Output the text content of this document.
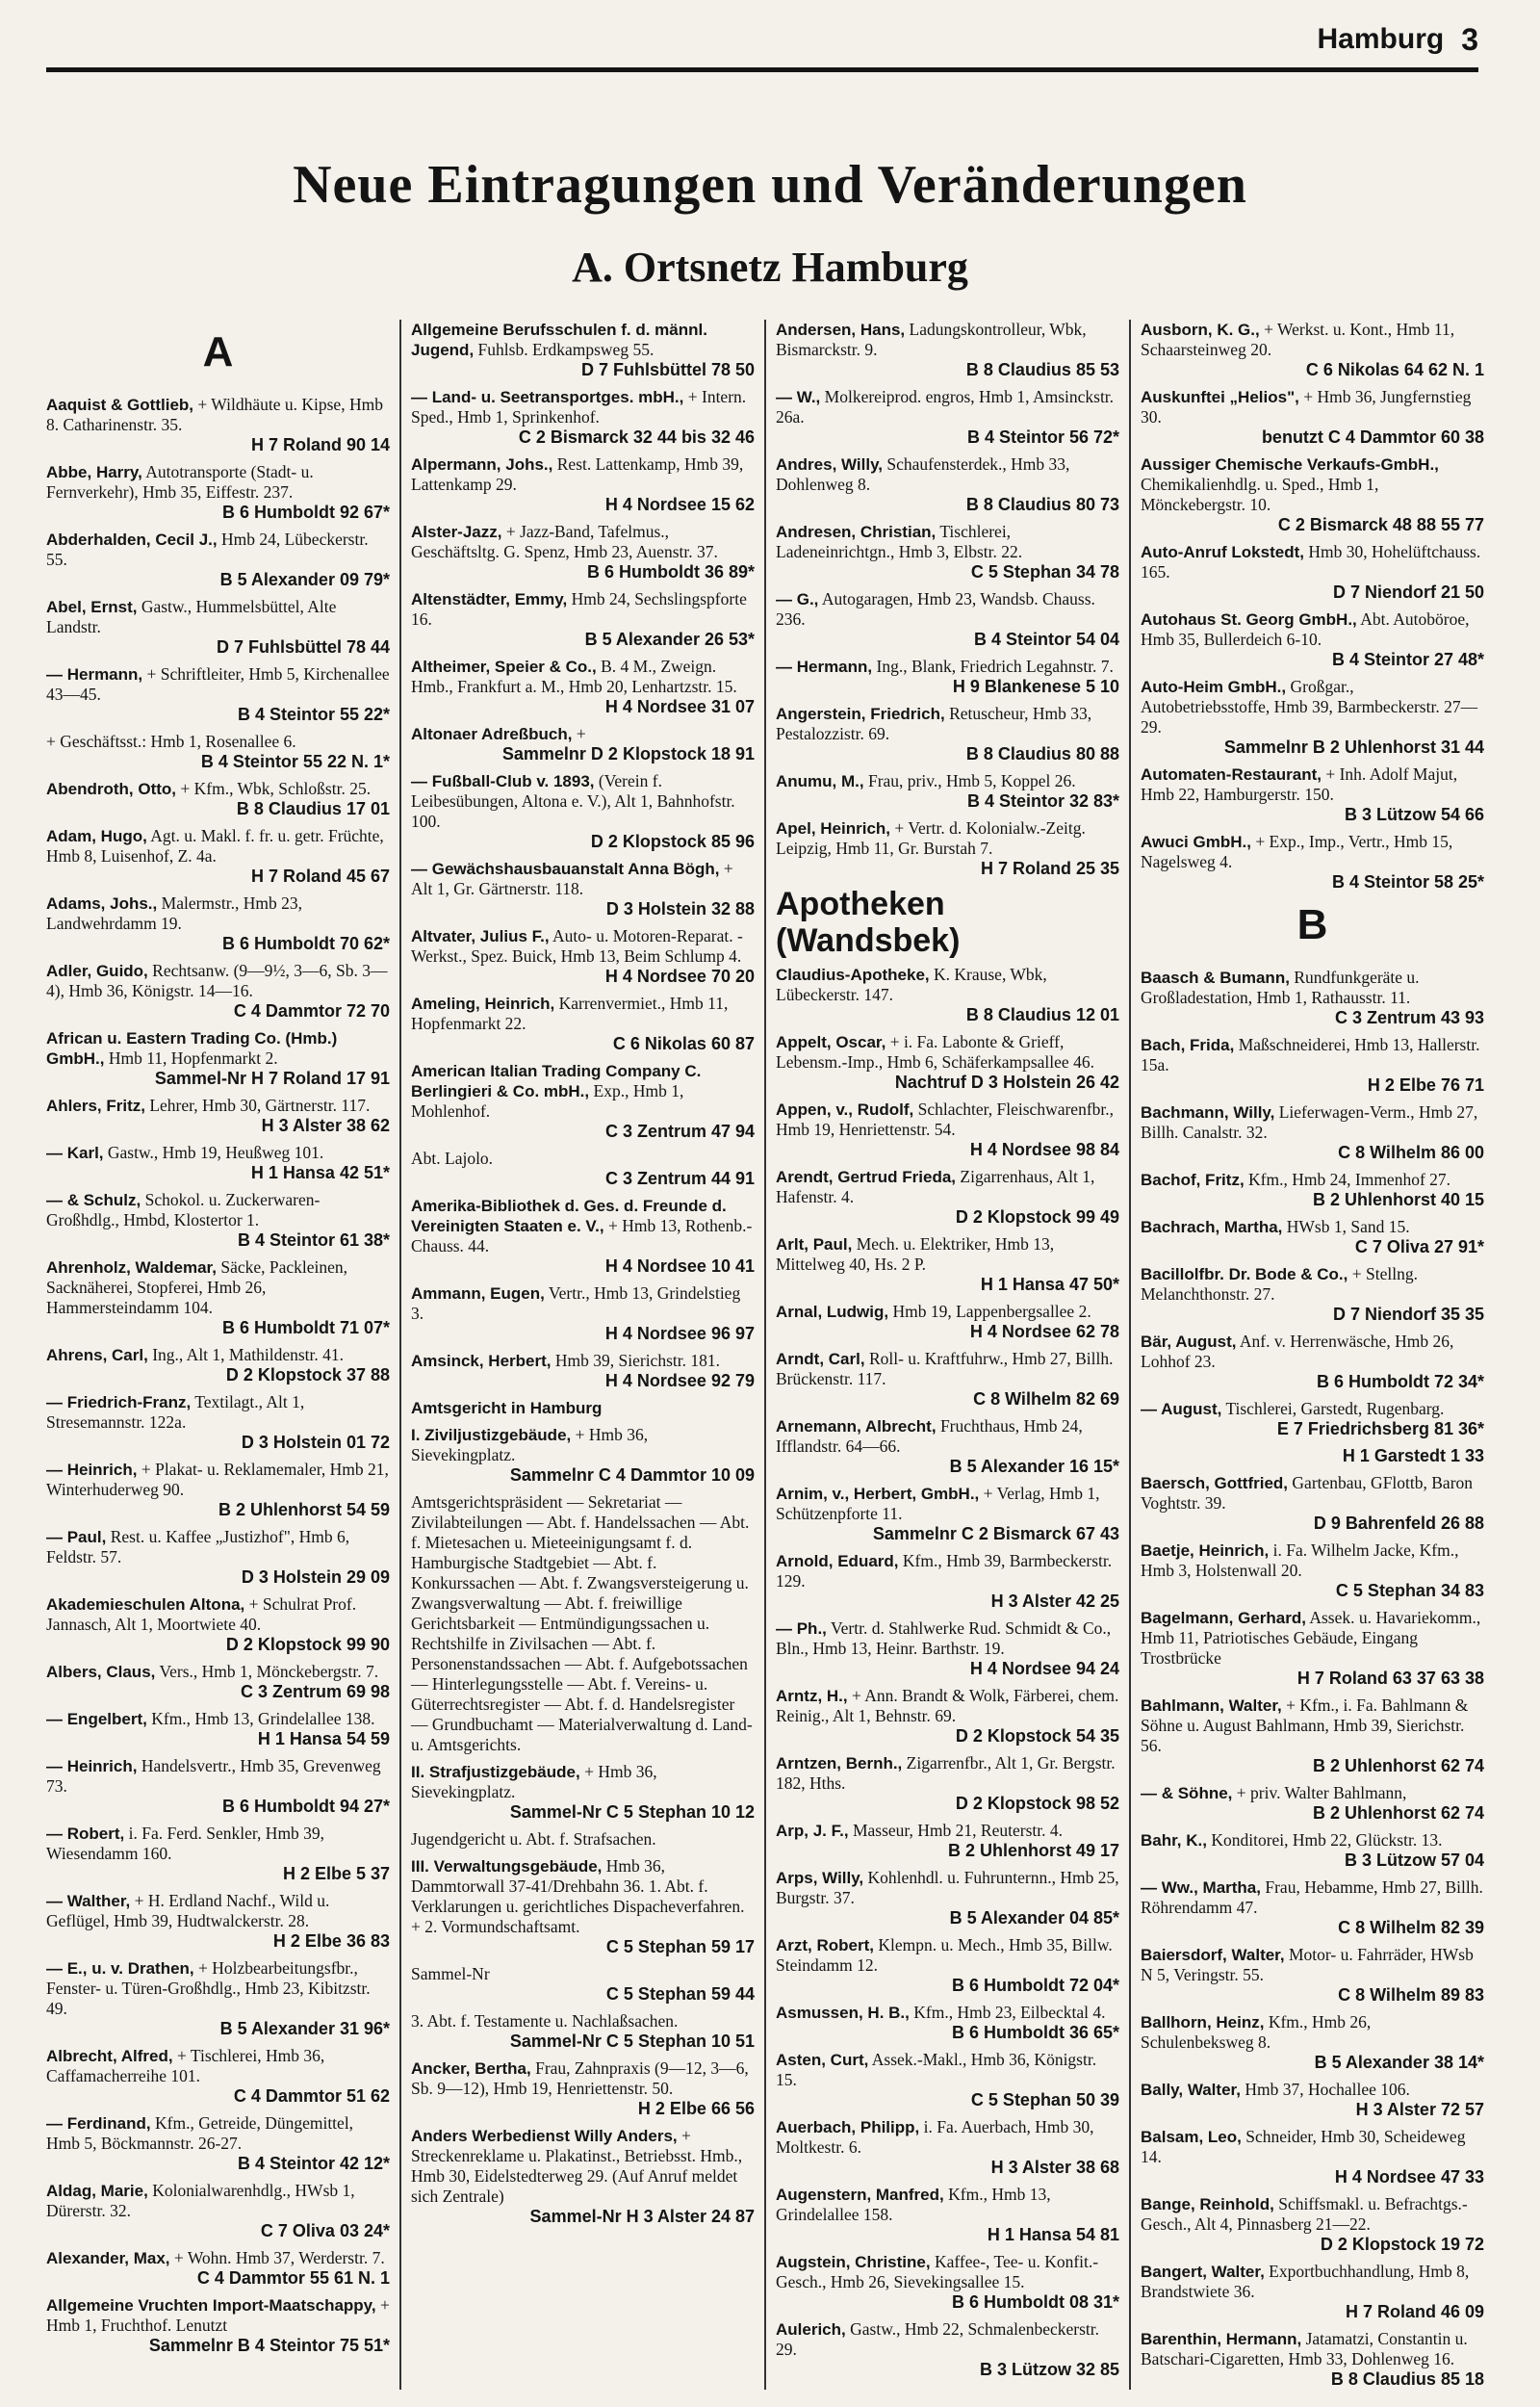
Hamburg 3
Neue Eintragungen und Veränderungen
A. Ortsnetz Hamburg
A
Aaquist & Gottlieb, + Wildhäute u. Kipse, Hmb 8. Catharinenstr. 35.
H 7 Roland 90 14
Abbe, Harry, Autotransporte (Stadt- u. Fernverkehr), Hmb 35, Eiffestr. 237.
B 6 Humboldt 92 67*
Abderhalden, Cecil J., Hmb 24, Lübeckerstr. 55.
B 5 Alexander 09 79*
Abel, Ernst, Gastw., Hummelsbüttel, Alte Landstr.
D 7 Fuhlsbüttel 78 44
— Hermann, + Schriftleiter, Hmb 5, Kirchenallee 43—45.
B 4 Steintor 55 22*
+ Geschäftsst.: Hmb 1, Rosenallee 6.
B 4 Steintor 55 22 N. 1*
Abendroth, Otto, + Kfm., Wbk, Schloßstr. 25.
B 8 Claudius 17 01
Adam, Hugo, Agt. u. Makl. f. fr. u. getr. Früchte, Hmb 8, Luisenhof, Z. 4a.
H 7 Roland 45 67
Adams, Johs., Malermstr., Hmb 23, Landwehrdamm 19.
B 6 Humboldt 70 62*
Adler, Guido, Rechtsanw. (9—9½, 3—6, Sb. 3—4), Hmb 36, Königstr. 14—16.
C 4 Dammtor 72 70
African u. Eastern Trading Co. (Hmb.) GmbH., Hmb 11, Hopfenmarkt 2.
Sammel-Nr H 7 Roland 17 91
Ahlers, Fritz, Lehrer, Hmb 30, Gärtnerstr. 117.
H 3 Alster 38 62
— Karl, Gastw., Hmb 19, Heußweg 101.
H 1 Hansa 42 51*
— & Schulz, Schokol. u. Zuckerwaren-Großhdlg., Hmbd, Klostertor 1.
B 4 Steintor 61 38*
Ahrenholz, Waldemar, Säcke, Packleinen, Sacknäherei, Stopferei, Hmb 26, Hammersteindamm 104.
B 6 Humboldt 71 07*
Ahrens, Carl, Ing., Alt 1, Mathildenstr. 41.
D 2 Klopstock 37 88
— Friedrich-Franz, Textilagt., Alt 1, Stresemannstr. 122a.
D 3 Holstein 01 72
— Heinrich, + Plakat- u. Reklamemaler, Hmb 21, Winterhuderweg 90.
B 2 Uhlenhorst 54 59
— Paul, Rest. u. Kaffee „Justizhof", Hmb 6, Feldstr. 57.
D 3 Holstein 29 09
Akademieschulen Altona, + Schulrat Prof. Jannasch, Alt 1, Moortwiete 40.
D 2 Klopstock 99 90
Albers, Claus, Vers., Hmb 1, Mönckebergstr. 7.
C 3 Zentrum 69 98
— Engelbert, Kfm., Hmb 13, Grindelallee 138.
H 1 Hansa 54 59
— Heinrich, Handelsvertr., Hmb 35, Grevenweg 73.
B 6 Humboldt 94 27*
— Robert, i. Fa. Ferd. Senkler, Hmb 39, Wiesendamm 160.
H 2 Elbe 5 37
— Walther, + H. Erdland Nachf., Wild u. Geflügel, Hmb 39, Hudtwalckerstr. 28.
H 2 Elbe 36 83
— E., u. v. Drathen, + Holzbearbeitungsfbr., Fenster- u. Türen-Großhdlg., Hmb 23, Kibitzstr. 49.
B 5 Alexander 31 96*
Albrecht, Alfred, + Tischlerei, Hmb 36, Caffamacherreihe 101.
C 4 Dammtor 51 62
— Ferdinand, Kfm., Getreide, Düngemittel, Hmb 5, Böckmannstr. 26-27.
B 4 Steintor 42 12*
Aldag, Marie, Kolonialwarenhdlg., HWsb 1, Dürerstr. 32.
C 7 Oliva 03 24*
Alexander, Max, + Wohn. Hmb 37, Werderstr. 7.
C 4 Dammtor 55 61 N. 1
Allgemeine Vruchten Import-Maatschappy, + Hmb 1, Fruchthof. Lenutzt
Sammelnr B 4 Steintor 75 51*
Allgemeine Berufsschulen f. d. männl. Jugend, Fuhlsb. Erdkampsweg 55.
D 7 Fuhlsbüttel 78 50
— Land- u. Seetransportges. mbH., + Intern. Sped., Hmb 1, Sprinkenhof.
C 2 Bismarck 32 44 bis 32 46
Alpermann, Johs., Rest. Lattenkamp, Hmb 39, Lattenkamp 29.
H 4 Nordsee 15 62
Alster-Jazz, + Jazz-Band, Tafelmus., Geschäftsltg. G. Spenz, Hmb 23, Auenstr. 37.
B 6 Humboldt 36 89*
Altenstädter, Emmy, Hmb 24, Sechslingspforte 16.
B 5 Alexander 26 53*
Altheimer, Speier & Co., B. 4 M., Zweign. Hmb., Frankfurt a. M., Hmb 20, Lenhartzstr. 15.
H 4 Nordsee 31 07
Altonaer Adreßbuch, +
Sammelnr D 2 Klopstock 18 91
— Fußball-Club v. 1893, (Verein f. Leibesübungen, Altona e. V.), Alt 1, Bahnhofstr. 100.
D 2 Klopstock 85 96
— Gewächshausbauanstalt Anna Bögh, + Alt 1, Gr. Gärtnerstr. 118.
D 3 Holstein 32 88
Altvater, Julius F., Auto- u. Motoren-Reparat. - Werkst., Spez. Buick, Hmb 13, Beim Schlump 4.
H 4 Nordsee 70 20
Ameling, Heinrich, Karrenvermiet., Hmb 11, Hopfenmarkt 22.
C 6 Nikolas 60 87
American Italian Trading Company C. Berlingieri & Co. mbH., Exp., Hmb 1, Mohlenhof.
C 3 Zentrum 47 94
Abt. Lajolo.
C 3 Zentrum 44 91
Amerika-Bibliothek d. Ges. d. Freunde d. Vereinigten Staaten e. V., + Hmb 13, Rothenb.-Chauss. 44.
H 4 Nordsee 10 41
Ammann, Eugen, Vertr., Hmb 13, Grindelstieg 3.
H 4 Nordsee 96 97
Amsinck, Herbert, Hmb 39, Sierichstr. 181.
H 4 Nordsee 92 79
Amtsgericht in Hamburg
I. Ziviljustizgebäude, + Hmb 36, Sievekingplatz.
Sammelnr C 4 Dammtor 10 09
Amtsgerichtspräsident — Sekretariat — Zivilabteilungen — Abt. f. Handelssachen — Abt. f. Mietesachen u. Mieteeinigungsamt f. d. Hamburgische Stadtgebiet — Abt. f. Konkurssachen — Abt. f. Zwangsversteigerung u. Zwangsverwaltung — Abt. f. freiwillige Gerichtsbarkeit — Entmündigungssachen u. Rechtshilfe in Zivilsachen — Abt. f. Personenstandssachen — Abt. f. Aufgebotssachen — Hinterlegungsstelle — Abt. f. Vereins- u. Güterrechtsregister — Abt. f. d. Handelsregister — Grundbuchamt — Materialverwaltung d. Land- u. Amtsgerichts.
II. Strafjustizgebäude, + Hmb 36, Sievekingplatz.
Sammel-Nr C 5 Stephan 10 12
Jugendgericht u. Abt. f. Strafsachen.
III. Verwaltungsgebäude, Hmb 36, Dammtorwall 37-41/Drehbahn 36. 1. Abt. f. Verklarungen u. gerichtliches Dispacheverfahren. + 2. Vormundschaftsamt.
C 5 Stephan 59 17
Sammel-Nr
C 5 Stephan 59 44
3. Abt. f. Testamente u. Nachlaßsachen.
Sammel-Nr C 5 Stephan 10 51
Ancker, Bertha, Frau, Zahnpraxis (9—12, 3—6, Sb. 9—12), Hmb 19, Henriettenstr. 50.
H 2 Elbe 66 56
Anders Werbedienst Willy Anders, + Streckenreklame u. Plakatinst., Betriebsst. Hmb., Hmb 30, Eidelstedterweg 29. (Auf Anruf meldet sich Zentrale)
Sammel-Nr H 3 Alster 24 87
Andersen, Hans, Ladungskontrolleur, Wbk, Bismarckstr. 9.
B 8 Claudius 85 53
— W., Molkereiprod. engros, Hmb 1, Amsinckstr. 26a.
B 4 Steintor 56 72*
Andres, Willy, Schaufensterdek., Hmb 33, Dohlenweg 8.
B 8 Claudius 80 73
Andresen, Christian, Tischlerei, Ladeneinrichtgn., Hmb 3, Elbstr. 22.
C 5 Stephan 34 78
— G., Autogaragen, Hmb 23, Wandsb. Chauss. 236.
B 4 Steintor 54 04
— Hermann, Ing., Blank, Friedrich Legahnstr. 7.
H 9 Blankenese 5 10
Angerstein, Friedrich, Retuscheur, Hmb 33, Pestalozzistr. 69.
B 8 Claudius 80 88
Anumu, M., Frau, priv., Hmb 5, Koppel 26.
B 4 Steintor 32 83*
Apel, Heinrich, + Vertr. d. Kolonialw.-Zeitg. Leipzig, Hmb 11, Gr. Burstah 7.
H 7 Roland 25 35
Apotheken (Wandsbek)
Claudius-Apotheke, K. Krause, Wbk, Lübeckerstr. 147.
B 8 Claudius 12 01
Appelt, Oscar, + i. Fa. Labonte & Grieff, Lebensm.-Imp., Hmb 6, Schäferkampsallee 46.
Nachtruf D 3 Holstein 26 42
Appen, v., Rudolf, Schlachter, Fleischwarenfbr., Hmb 19, Henriettenstr. 54.
H 4 Nordsee 98 84
Arendt, Gertrud Frieda, Zigarrenhaus, Alt 1, Hafenstr. 4.
D 2 Klopstock 99 49
Arlt, Paul, Mech. u. Elektriker, Hmb 13, Mittelweg 40, Hs. 2 P.
H 1 Hansa 47 50*
Arnal, Ludwig, Hmb 19, Lappenbergsallee 2.
H 4 Nordsee 62 78
Arndt, Carl, Roll- u. Kraftfuhrw., Hmb 27, Billh. Brückenstr. 117.
C 8 Wilhelm 82 69
Arnemann, Albrecht, Fruchthaus, Hmb 24, Ifflandstr. 64—66.
B 5 Alexander 16 15*
Arnim, v., Herbert, GmbH., + Verlag, Hmb 1, Schützenpforte 11.
Sammelnr C 2 Bismarck 67 43
Arnold, Eduard, Kfm., Hmb 39, Barmbeckerstr. 129.
H 3 Alster 42 25
— Ph., Vertr. d. Stahlwerke Rud. Schmidt & Co., Bln., Hmb 13, Heinr. Barthstr. 19.
H 4 Nordsee 94 24
Arntz, H., + Ann. Brandt & Wolk, Färberei, chem. Reinig., Alt 1, Behnstr. 69.
D 2 Klopstock 54 35
Arntzen, Bernh., Zigarrenfbr., Alt 1, Gr. Bergstr. 182, Hths.
D 2 Klopstock 98 52
Arp, J. F., Masseur, Hmb 21, Reuterstr. 4.
B 2 Uhlenhorst 49 17
Arps, Willy, Kohlenhdl. u. Fuhrunternn., Hmb 25, Burgstr. 37.
B 5 Alexander 04 85*
Arzt, Robert, Klempn. u. Mech., Hmb 35, Billw. Steindamm 12.
B 6 Humboldt 72 04*
Asmussen, H. B., Kfm., Hmb 23, Eilbecktal 4.
B 6 Humboldt 36 65*
Asten, Curt, Assek.-Makl., Hmb 36, Königstr. 15.
C 5 Stephan 50 39
Auerbach, Philipp, i. Fa. Auerbach, Hmb 30, Moltkestr. 6.
H 3 Alster 38 68
Augenstern, Manfred, Kfm., Hmb 13, Grindelallee 158.
H 1 Hansa 54 81
Augstein, Christine, Kaffee-, Tee- u. Konfit.-Gesch., Hmb 26, Sievekingsallee 15.
B 6 Humboldt 08 31*
Aulerich, Gastw., Hmb 22, Schmalenbeckerstr. 29.
B 3 Lützow 32 85
Ausborn, K. G., + Werkst. u. Kont., Hmb 11, Schaarsteinweg 20.
C 6 Nikolas 64 62 N. 1
Auskunftei „Helios", + Hmb 36, Jungfernstieg 30.
benutzt C 4 Dammtor 60 38
Aussiger Chemische Verkaufs-GmbH., Chemikalienhdlg. u. Sped., Hmb 1, Mönckebergstr. 10.
C 2 Bismarck 48 88 55 77
Auto-Anruf Lokstedt, Hmb 30, Hohelüftchauss. 165.
D 7 Niendorf 21 50
Autohaus St. Georg GmbH., Abt. Autoböroe, Hmb 35, Bullerdeich 6-10.
B 4 Steintor 27 48*
Auto-Heim GmbH., Großgar., Autobetriebsstoffe, Hmb 39, Barmbeckerstr. 27—29.
Sammelnr B 2 Uhlenhorst 31 44
Automaten-Restaurant, + Inh. Adolf Majut, Hmb 22, Hamburgerstr. 150.
B 3 Lützow 54 66
Awuci GmbH., + Exp., Imp., Vertr., Hmb 15, Nagelsweg 4.
B 4 Steintor 58 25*
B
Baasch & Bumann, Rundfunkgeräte u. Großladestation, Hmb 1, Rathausstr. 11.
C 3 Zentrum 43 93
Bach, Frida, Maßschneiderei, Hmb 13, Hallerstr. 15a.
H 2 Elbe 76 71
Bachmann, Willy, Lieferwagen-Verm., Hmb 27, Billh. Canalstr. 32.
C 8 Wilhelm 86 00
Bachof, Fritz, Kfm., Hmb 24, Immenhof 27.
B 2 Uhlenhorst 40 15
Bachrach, Martha, HWsb 1, Sand 15.
C 7 Oliva 27 91*
Bacillolfbr. Dr. Bode & Co., + Stellng. Melanchthonstr. 27.
D 7 Niendorf 35 35
Bär, August, Anf. v. Herrenwäsche, Hmb 26, Lohhof 23.
B 6 Humboldt 72 34*
— August, Tischlerei, Garstedt, Rugenbarg.
E 7 Friedrichsberg 81 36*
H 1 Garstedt 1 33
Baersch, Gottfried, Gartenbau, GFlottb, Baron Voghtstr. 39.
D 9 Bahrenfeld 26 88
Baetje, Heinrich, i. Fa. Wilhelm Jacke, Kfm., Hmb 3, Holstenwall 20.
C 5 Stephan 34 83
Bagelmann, Gerhard, Assek. u. Havariekomm., Hmb 11, Patriotisches Gebäude, Eingang Trostbrücke
H 7 Roland 63 37 63 38
Bahlmann, Walter, + Kfm., i. Fa. Bahlmann & Söhne u. August Bahlmann, Hmb 39, Sierichstr. 56.
B 2 Uhlenhorst 62 74
— & Söhne, + priv. Walter Bahlmann,
B 2 Uhlenhorst 62 74
Bahr, K., Konditorei, Hmb 22, Glückstr. 13.
B 3 Lützow 57 04
— Ww., Martha, Frau, Hebamme, Hmb 27, Billh. Röhrendamm 47.
C 8 Wilhelm 82 39
Baiersdorf, Walter, Motor- u. Fahrräder, HWsb N 5, Veringstr. 55.
C 8 Wilhelm 89 83
Ballhorn, Heinz, Kfm., Hmb 26, Schulenbeksweg 8.
B 5 Alexander 38 14*
Bally, Walter, Hmb 37, Hochallee 106.
H 3 Alster 72 57
Balsam, Leo, Schneider, Hmb 30, Scheideweg 14.
H 4 Nordsee 47 33
Bange, Reinhold, Schiffsmakl. u. Befrachtgs.-Gesch., Alt 4, Pinnasberg 21—22.
D 2 Klopstock 19 72
Bangert, Walter, Exportbuchhandlung, Hmb 8, Brandstwiete 36.
H 7 Roland 46 09
Barenthin, Hermann, Jatamatzi, Constantin u. Batschari-Cigaretten, Hmb 33, Dohlenweg 16.
B 8 Claudius 85 18
